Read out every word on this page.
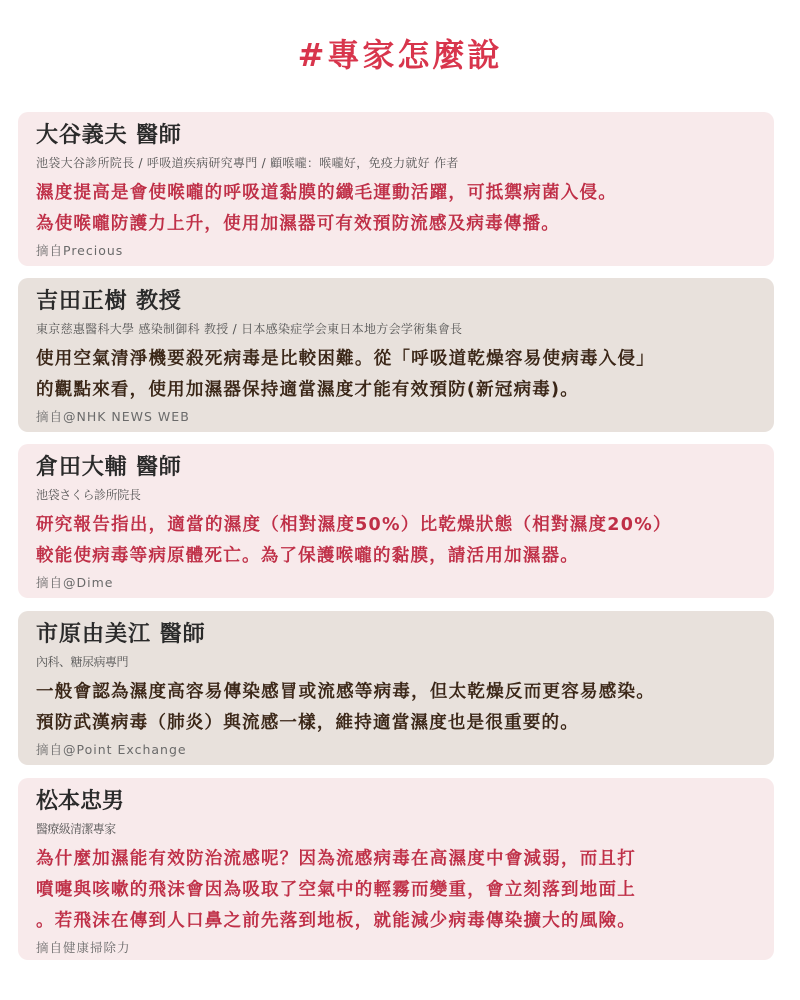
#專家怎麼說
大谷義夫 醫師
池袋大谷診所院長 / 呼吸道疾病研究專門 / 顧喉嚨：喉嚨好，免疫力就好 作者
濕度提高是會使喉嚨的呼吸道黏膜的纖毛運動活躍，可抵禦病菌入侵。
為使喉嚨防護力上升，使用加濕器可有效預防流感及病毒傳播。
摘自Precious
吉田正樹 教授
東京慈惠醫科大學 感染制御科 教授 / 日本感染症学会東日本地方会学術集會長
使用空氣清淨機要殺死病毒是比較困難。從「呼吸道乾燥容易使病毒入侵」
的觀點來看，使用加濕器保持適當濕度才能有效預防(新冠病毒)。
摘自@NHK NEWS WEB
倉田大輔 醫師
池袋さくら診所院長
研究報告指出，適當的濕度（相對濕度50%）比乾燥狀態（相對濕度20%）
較能使病毒等病原體死亡。為了保護喉嚨的黏膜，請活用加濕器。
摘自@Dime
市原由美江 醫師
內科、糖尿病專門
一般會認為濕度高容易傳染感冒或流感等病毒，但太乾燥反而更容易感染。
預防武漢病毒（肺炎）與流感一樣，維持適當濕度也是很重要的。
摘自@Point Exchange
松本忠男
醫療級清潔專家
為什麼加濕能有效防治流感呢？因為流感病毒在高濕度中會減弱，而且打
噴嚏與咳嗽的飛沫會因為吸取了空氣中的輕霧而變重，會立刻落到地面上
。若飛沫在傳到人口鼻之前先落到地板，就能減少病毒傳染擴大的風險。
摘自健康掃除力
